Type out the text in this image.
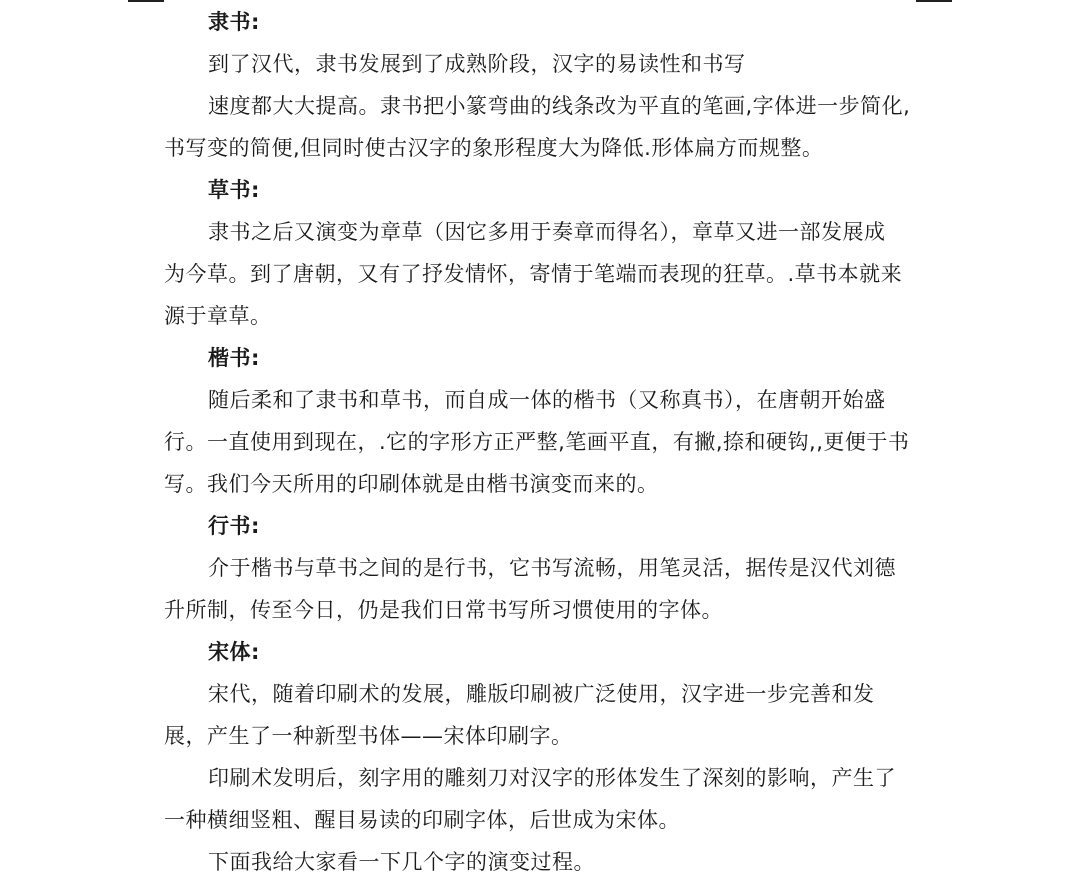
隶书:
到了汉代，隶书发展到了成熟阶段，汉字的易读性和书写
速度都大大提高。隶书把小篆弯曲的线条改为平直的笔画,字体进一步简化,
书写变的简便,但同时使古汉字的象形程度大为降低.形体扁方而规整。
草书:
隶书之后又演变为章草（因它多用于奏章而得名），章草又进一部发展成
为今草。到了唐朝，又有了抒发情怀，寄情于笔端而表现的狂草。.草书本就来
源于章草。
楷书:
随后柔和了隶书和草书，而自成一体的楷书（又称真书），在唐朝开始盛
行。一直使用到现在，.它的字形方正严整,笔画平直，有撇,捺和硬钩,,更便于书
写。我们今天所用的印刷体就是由楷书演变而来的。
行书:
介于楷书与草书之间的是行书，它书写流畅，用笔灵活，据传是汉代刘德
升所制，传至今日，仍是我们日常书写所习惯使用的字体。
宋体:
宋代，随着印刷术的发展，雕版印刷被广泛使用，汉字进一步完善和发
展，产生了一种新型书体——宋体印刷字。
印刷术发明后，刻字用的雕刻刀对汉字的形体发生了深刻的影响，产生了
一种横细竖粗、醒目易读的印刷字体，后世成为宋体。
下面我给大家看一下几个字的演变过程。
